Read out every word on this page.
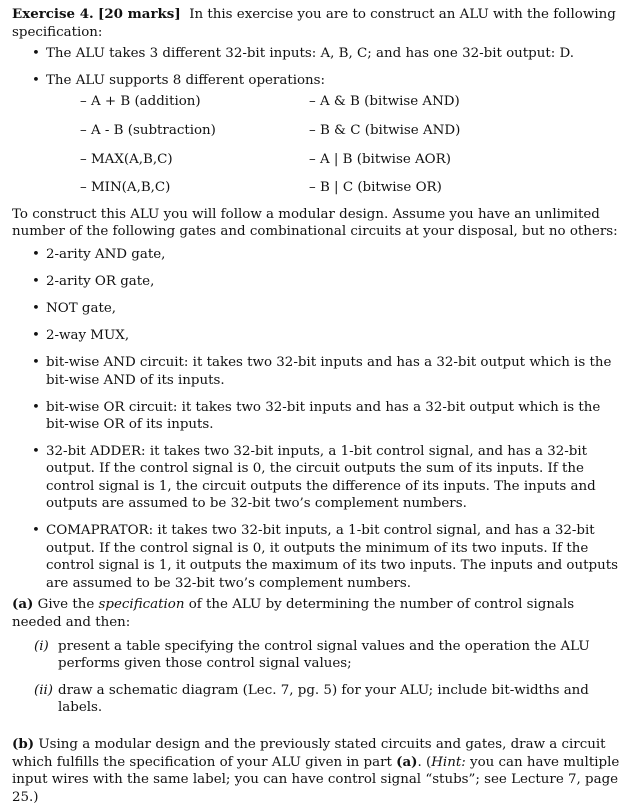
Exercise 4. [20 marks] In this exercise you are to construct an ALU with the following specification:

• The ALU takes 3 different 32-bit inputs: A, B, C; and has one 32-bit output: D.
• The ALU supports 8 different operations:
– A + B (addition)	– A & B (bitwise AND)
– A - B (subtraction)	– B & C (bitwise AND)
– MAX(A,B,C)	– A | B (bitwise AOR)
– MIN(A,B,C)	– B | C (bitwise OR)

To construct this ALU you will follow a modular design. Assume you have an unlimited number of the following gates and combinational circuits at your disposal, but no others:

• 2-arity AND gate,
• 2-arity OR gate,
• NOT gate,
• 2-way MUX,
• bit-wise AND circuit: it takes two 32-bit inputs and has a 32-bit output which is the bit-wise AND of its inputs.
• bit-wise OR circuit: it takes two 32-bit inputs and has a 32-bit output which is the bit-wise OR of its inputs.
• 32-bit ADDER: it takes two 32-bit inputs, a 1-bit control signal, and has a 32-bit output. If the control signal is 0, the circuit outputs the sum of its inputs. If the control signal is 1, the circuit outputs the difference of its inputs. The inputs and outputs are assumed to be 32-bit two’s complement numbers.
• COMAPRATOR: it takes two 32-bit inputs, a 1-bit control signal, and has a 32-bit output. If the control signal is 0, it outputs the minimum of its two inputs. If the control signal is 1, it outputs the maximum of its two inputs. The inputs and outputs are assumed to be 32-bit two’s complement numbers.

(a) Give the specification of the ALU by determining the number of control signals needed and then:

(i) present a table specifying the control signal values and the operation the ALU performs given those control signal values;
(ii) draw a schematic diagram (Lec. 7, pg. 5) for your ALU; include bit-widths and labels.

(b) Using a modular design and the previously stated circuits and gates, draw a circuit which fulfills the specification of your ALU given in part (a). (Hint: you can have multiple input wires with the same label; you can have control signal “stubs”; see Lecture 7, page 25.)
